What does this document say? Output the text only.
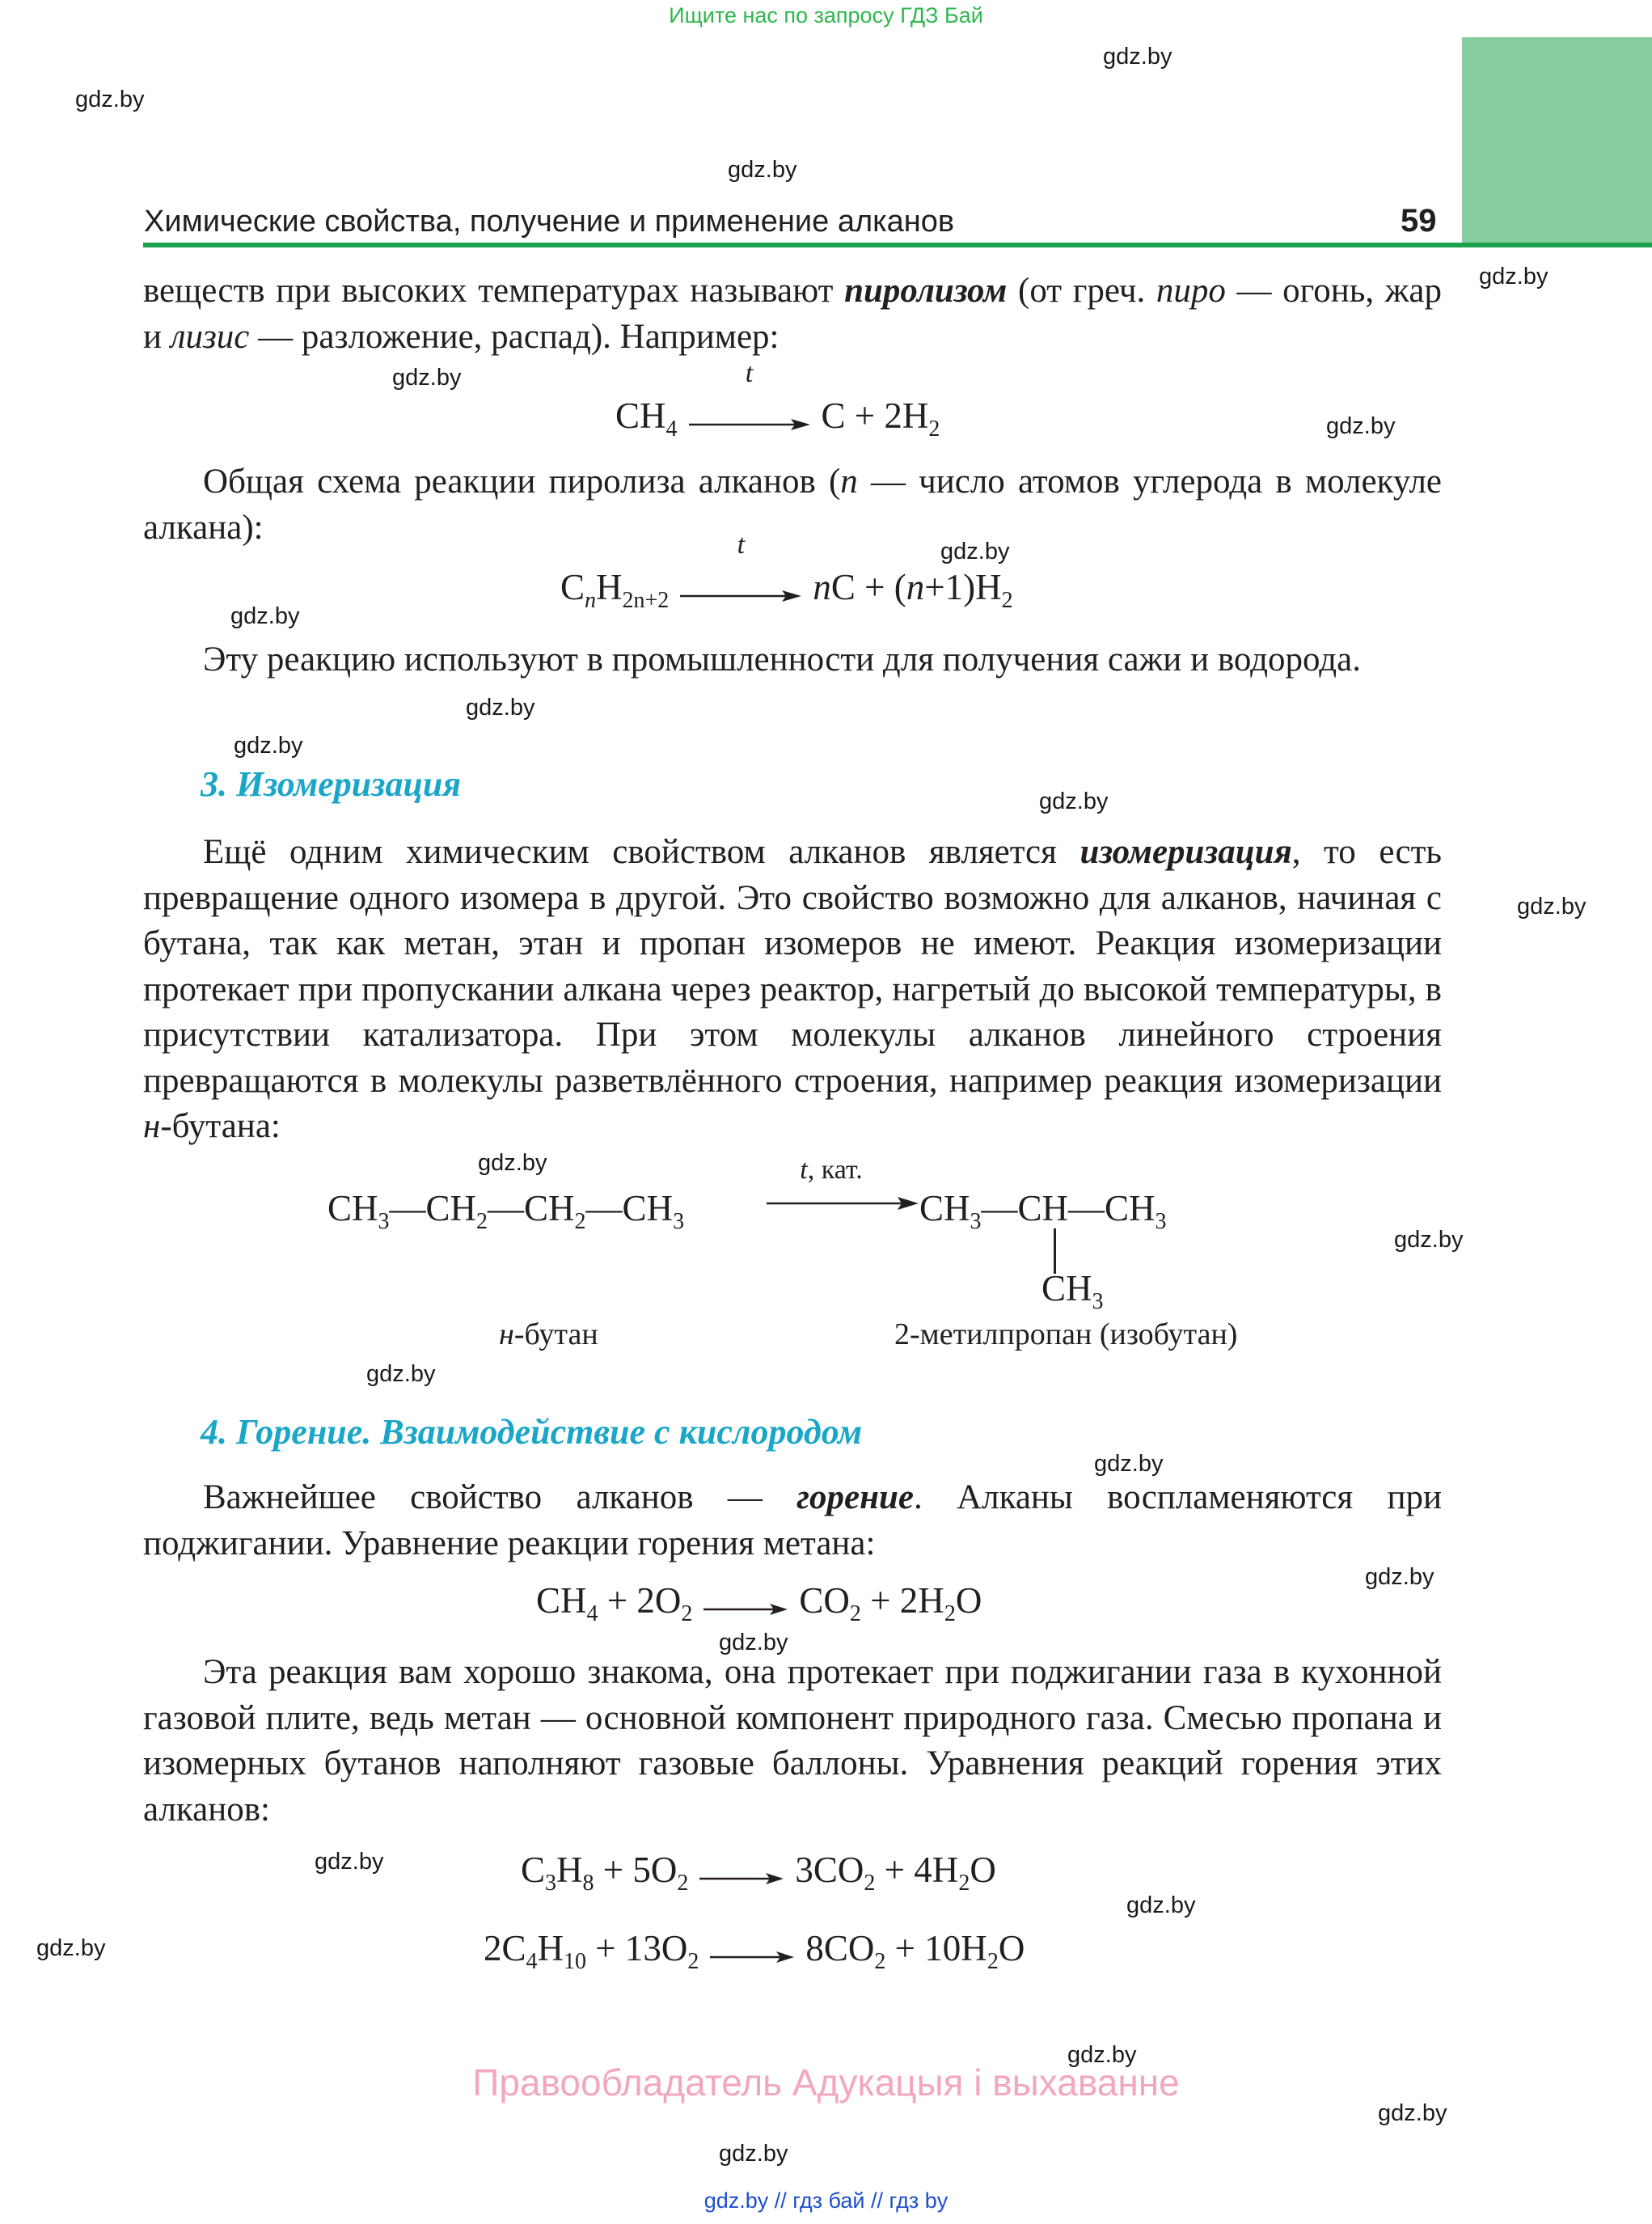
Ищите нас по запросу ГДЗ Бай
Химические свойства, получение и применение алканов	59
gdz.by
gdz.by
gdz.by
gdz.by
gdz.by
gdz.by
gdz.by
gdz.by
gdz.by
gdz.by
gdz.by
gdz.by
gdz.by
gdz.by
gdz.by
gdz.by
gdz.by
gdz.by
gdz.by
gdz.by
gdz.by
gdz.by
gdz.by
gdz.by

веществ при высоких температурах называют пиролизом (от греч. пиро — огонь, жар и лизис — разложение, распад). Например:

$CH_4$
t
$C + 2H_2$

Общая схема реакции пиролиза алканов (n — число атомов углерода в молекуле алкана):

$C_nH_{2n+2}$
t
nC + $(n+1)H_2$

Эту реакцию используют в промышленности для получения сажи и водорода.

3. Изомеризация

Ещё одним химическим свойством алканов является изомеризация, то есть превращение одного изомера в другой. Это свойство возможно для алканов, начиная с бутана, так как метан, этан и пропан изомеров не имеют. Реакция изомеризации протекает при пропускании алкана через реактор, нагретый до высокой температуры, в присутствии катализатора. При этом молекулы алканов линейного строения превращаются в молекулы разветвлённого строения, например реакция изомеризации н-бутана:

$CH_3—CH_2—CH_2—CH_3$
t, кат.
$CH_3—CH—CH_3$
$CH_3$
н-бутан	2-метилпропан (изобутан)
4. Горение. Взаимодействие с кислородом

Важнейшее свойство алканов — горение. Алканы воспламеняются при поджигании. Уравнение реакции горения метана:

$CH_4 + 2O_2$	$CO_2 + 2H_2O$

Эта реакция вам хорошо знакома, она протекает при поджигании газа в кухонной газовой плите, ведь метан — основной компонент природного газа. Смесью пропана и изомерных бутанов наполняют газовые баллоны. Уравнения реакций горения этих алканов:

$C_3H_8 + 5O_2$	$3CO_2 + 4H_2O$
$2C_4H_{10} + 13O_2$	$8CO_2 + 10H_2O$
Правообладатель Адукацыя і выхаванне
gdz.by // гдз бай // гдз by
